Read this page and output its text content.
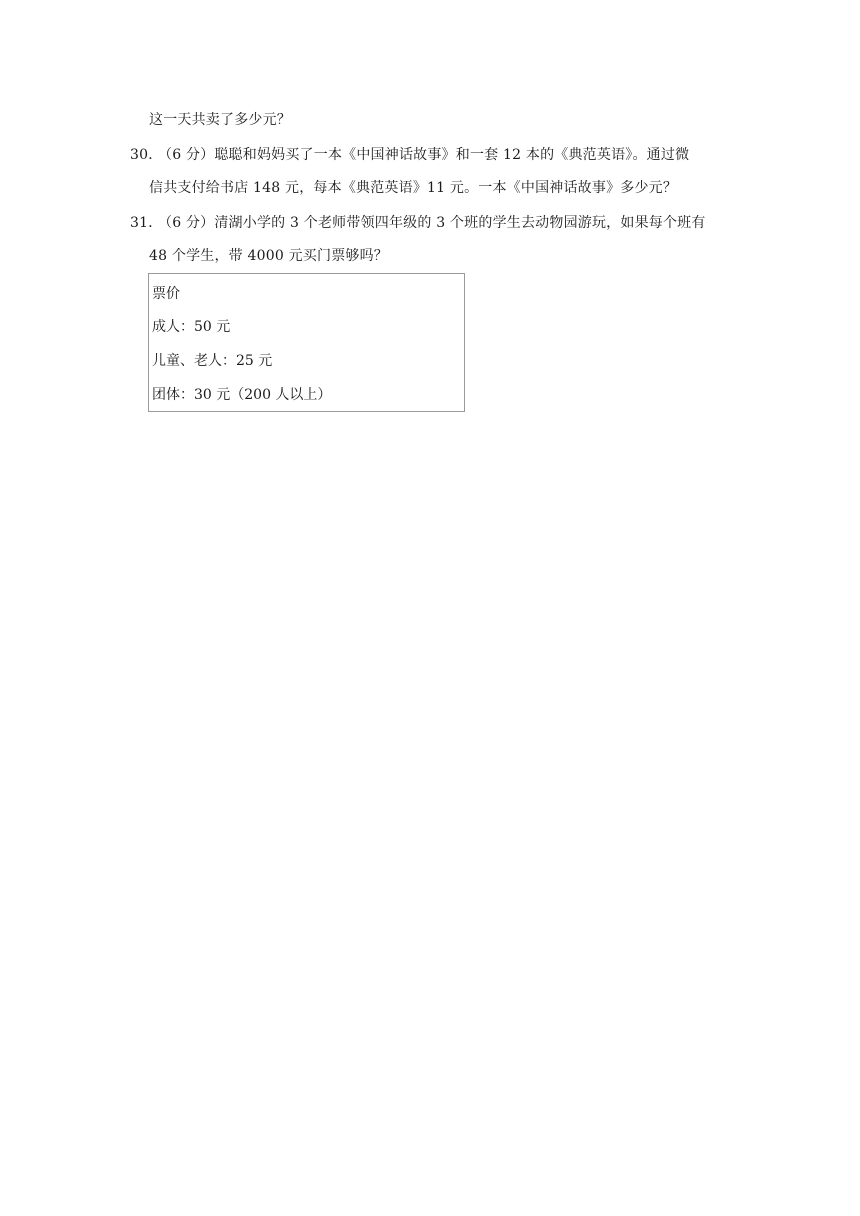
这一天共卖了多少元？
30．
（6 分）聪聪和妈妈买了一本《中国神话故事》和一套 12 本的《典范英语》。通过微
信共支付给书店 148 元，每本《典范英语》11 元。一本《中国神话故事》多少元？
31．
（6 分）清湖小学的 3 个老师带领四年级的 3 个班的学生去动物园游玩，如果每个班有
48 个学生，带 4000 元买门票够吗？
票价
成人：50 元
儿童、老人：25 元
团体：30 元（200 人以上）
